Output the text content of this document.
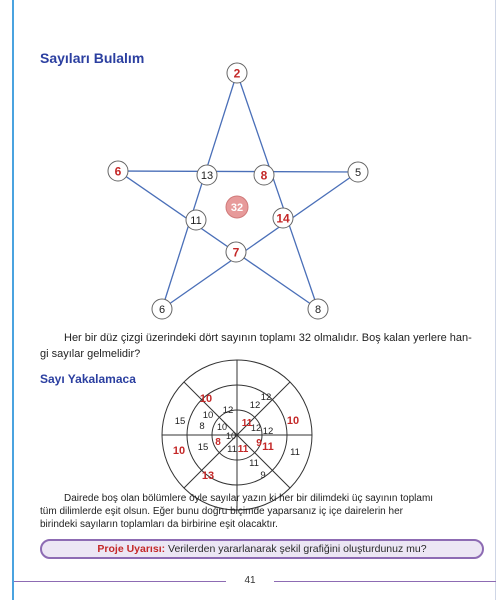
Sayıları Bulalım
2
6	5
6	8
13	8
14
7
11
32
Her bir düz çizgi üzerindeki dört sayının toplamı 32 olmalıdır. Boş kalan yerlere han-
gi sayılar gelmelidir?
Sayı Yakalamaca
12
10
11
9
13
10
15
10
10 12
12
11
11
11
15
8
12
10	12
11
9
11
8
10
Dairede boş olan bölümlere öyle sayılar yazın ki her bir dilimdeki üç sayının toplamı
tüm dilimlerde eşit olsun. Eğer bunu doğru biçimde yaparsanız iç içe dairelerin her
birindeki sayıların toplamları da birbirine eşit olacaktır.
Proje Uyarısı: Verilerden yararlanarak şekil grafiğini oluşturdunuz mu?
41
